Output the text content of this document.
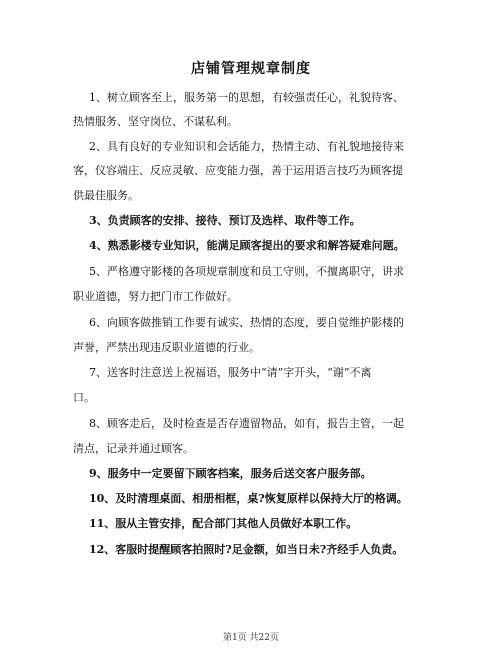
店铺管理规章制度
1、树立顾客至上，服务第一的思想，有较强责任心，礼貌待客、
热情服务、坚守岗位、不谋私利。
2、具有良好的专业知识和会话能力，热情主动、有礼貌地接待来
客，仪容端庄、反应灵敏、应变能力强，善于运用语言技巧为顾客提
供最佳服务。
3、负责顾客的安排、接待、预订及选样、取件等工作。
4、熟悉影楼专业知识，能满足顾客提出的要求和解答疑难问题。
5、严格遵守影楼的各项规章制度和员工守则，不擅离职守，讲求
职业道德，努力把门市工作做好。
6、向顾客做推销工作要有诚实、热情的态度，要自觉维护影楼的
声誉，严禁出现违反职业道德的行业。
7、送客时注意送上祝福语，服务中“请”字开头，“谢”不离
口。
8、顾客走后，及时检查是否存遗留物品，如有，报告主管，一起
清点，记录并通过顾客。
9、服务中一定要留下顾客档案，服务后送交客户服务部。
10、及时清理桌面、相册相框，桌?恢复原样以保持大厅的格调。
11、服从主管安排，配合部门其他人员做好本职工作。
12、客服时提醒顾客拍照时?足金额，如当日未?齐经手人负责。
第1页 共22页
